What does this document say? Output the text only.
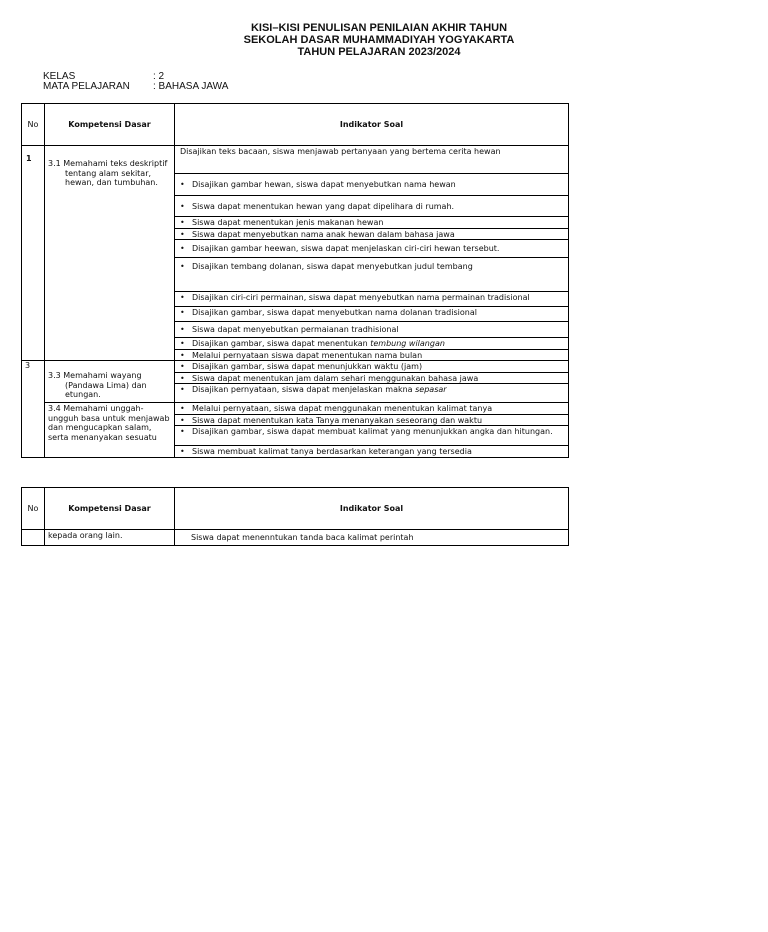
KISI–KISI PENULISAN PENILAIAN AKHIR TAHUN
SEKOLAH DASAR MUHAMMADIYAH YOGYAKARTA
TAHUN PELAJARAN 2023/2024
KELAS	: 2
MATA PELAJARAN : BAHASA JAWA
No	Kompetensi Dasar	Indikator Soal
1	3.1 Memahami teks deskriptif tentang alam sekitar, hewan, dan tumbuhan.	Disajikan teks bacaan, siswa menjawab pertanyaan yang bertema cerita hewan

		• Disajikan gambar hewan, siswa dapat menyebutkan nama hewan

		• Siswa dapat menentukan hewan yang dapat dipelihara di rumah.

		• Siswa dapat menentukan jenis makanan hewan

		• Siswa dapat menyebutkan nama anak hewan dalam bahasa jawa

		• Disajikan gambar heewan, siswa dapat menjelaskan ciri-ciri hewan tersebut.

		• Disajikan tembang dolanan, siswa dapat menyebutkan judul tembang

		• Disajikan ciri-ciri permainan, siswa dapat menyebutkan nama permainan tradisional

		• Disajikan gambar, siswa dapat menyebutkan nama dolanan tradisional

		• Siswa dapat menyebutkan permaianan tradhisional

		• Disajikan gambar, siswa dapat menentukan tembung wilangan

		• Melalui pernyataan siswa dapat menentukan nama bulan

3	3.3 Memahami wayang (Pandawa Lima) dan etungan.	• Disajikan gambar, siswa dapat menunjukkan waktu (jam)

		• Siswa dapat menentukan jam dalam sehari menggunakan bahasa jawa

		• Disajikan pernyataan, siswa dapat menjelaskan makna sepasar

	3.4 Memahami unggah-ungguh basa untuk menjawab dan mengucapkan salam, serta menanyakan sesuatu	• Melalui pernyataan, siswa dapat menggunakan menentukan kalimat tanya

		• Siswa dapat menentukan kata Tanya menanyakan seseorang dan waktu

		• Disajikan gambar, siswa dapat membuat kalimat yang menunjukkan angka dan hitungan.

		• Siswa membuat kalimat tanya berdasarkan keterangan yang tersedia
No	Kompetensi Dasar	Indikator Soal

	kepada orang lain.	Siswa dapat menenntukan tanda baca kalimat perintah
